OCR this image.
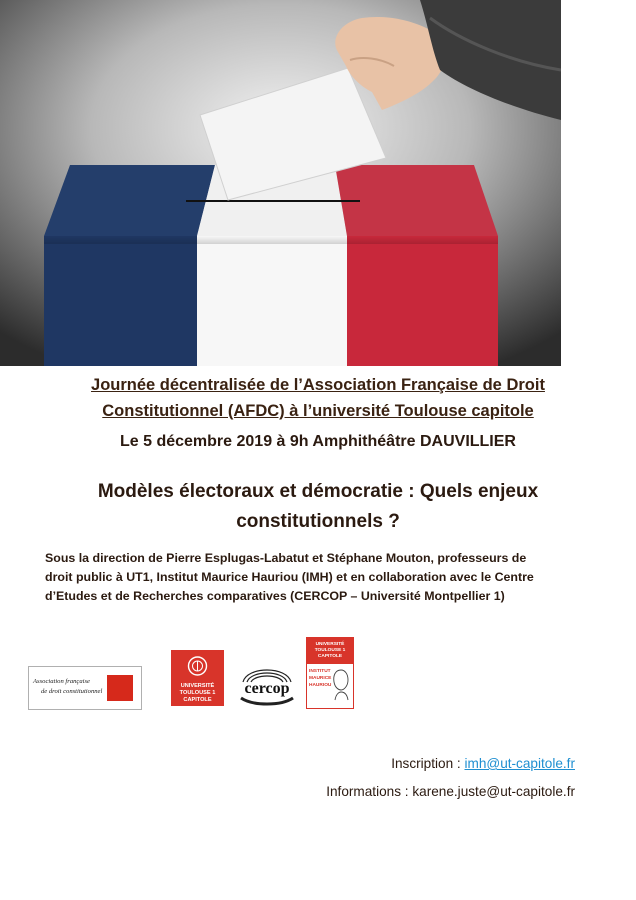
Journée décentralisée de l’Association Française de Droit
Constitutionnel (AFDC) à l’université Toulouse capitole
Le 5 décembre 2019 à 9h Amphithéâtre DAUVILLIER
Modèles électoraux et démocratie : Quels enjeux
constitutionnels ?
Sous la direction de Pierre Esplugas-Labatut et Stéphane Mouton, professeurs de
droit public à UT1, Institut Maurice Hauriou (IMH) et en collaboration avec le Centre
d’Etudes et de Recherches comparatives (CERCOP – Université Montpellier 1)
Association française
de droit constitutionnel
UNIVERSITÉ
TOULOUSE 1
CAPITOLE
cercop
UNIVERSITÉ
TOULOUSE 1
CAPITOLE
INSTITUT
MAURICE
HAURIOU
Inscription : imh@ut-capitole.fr
Informations : karene.juste@ut-capitole.fr
